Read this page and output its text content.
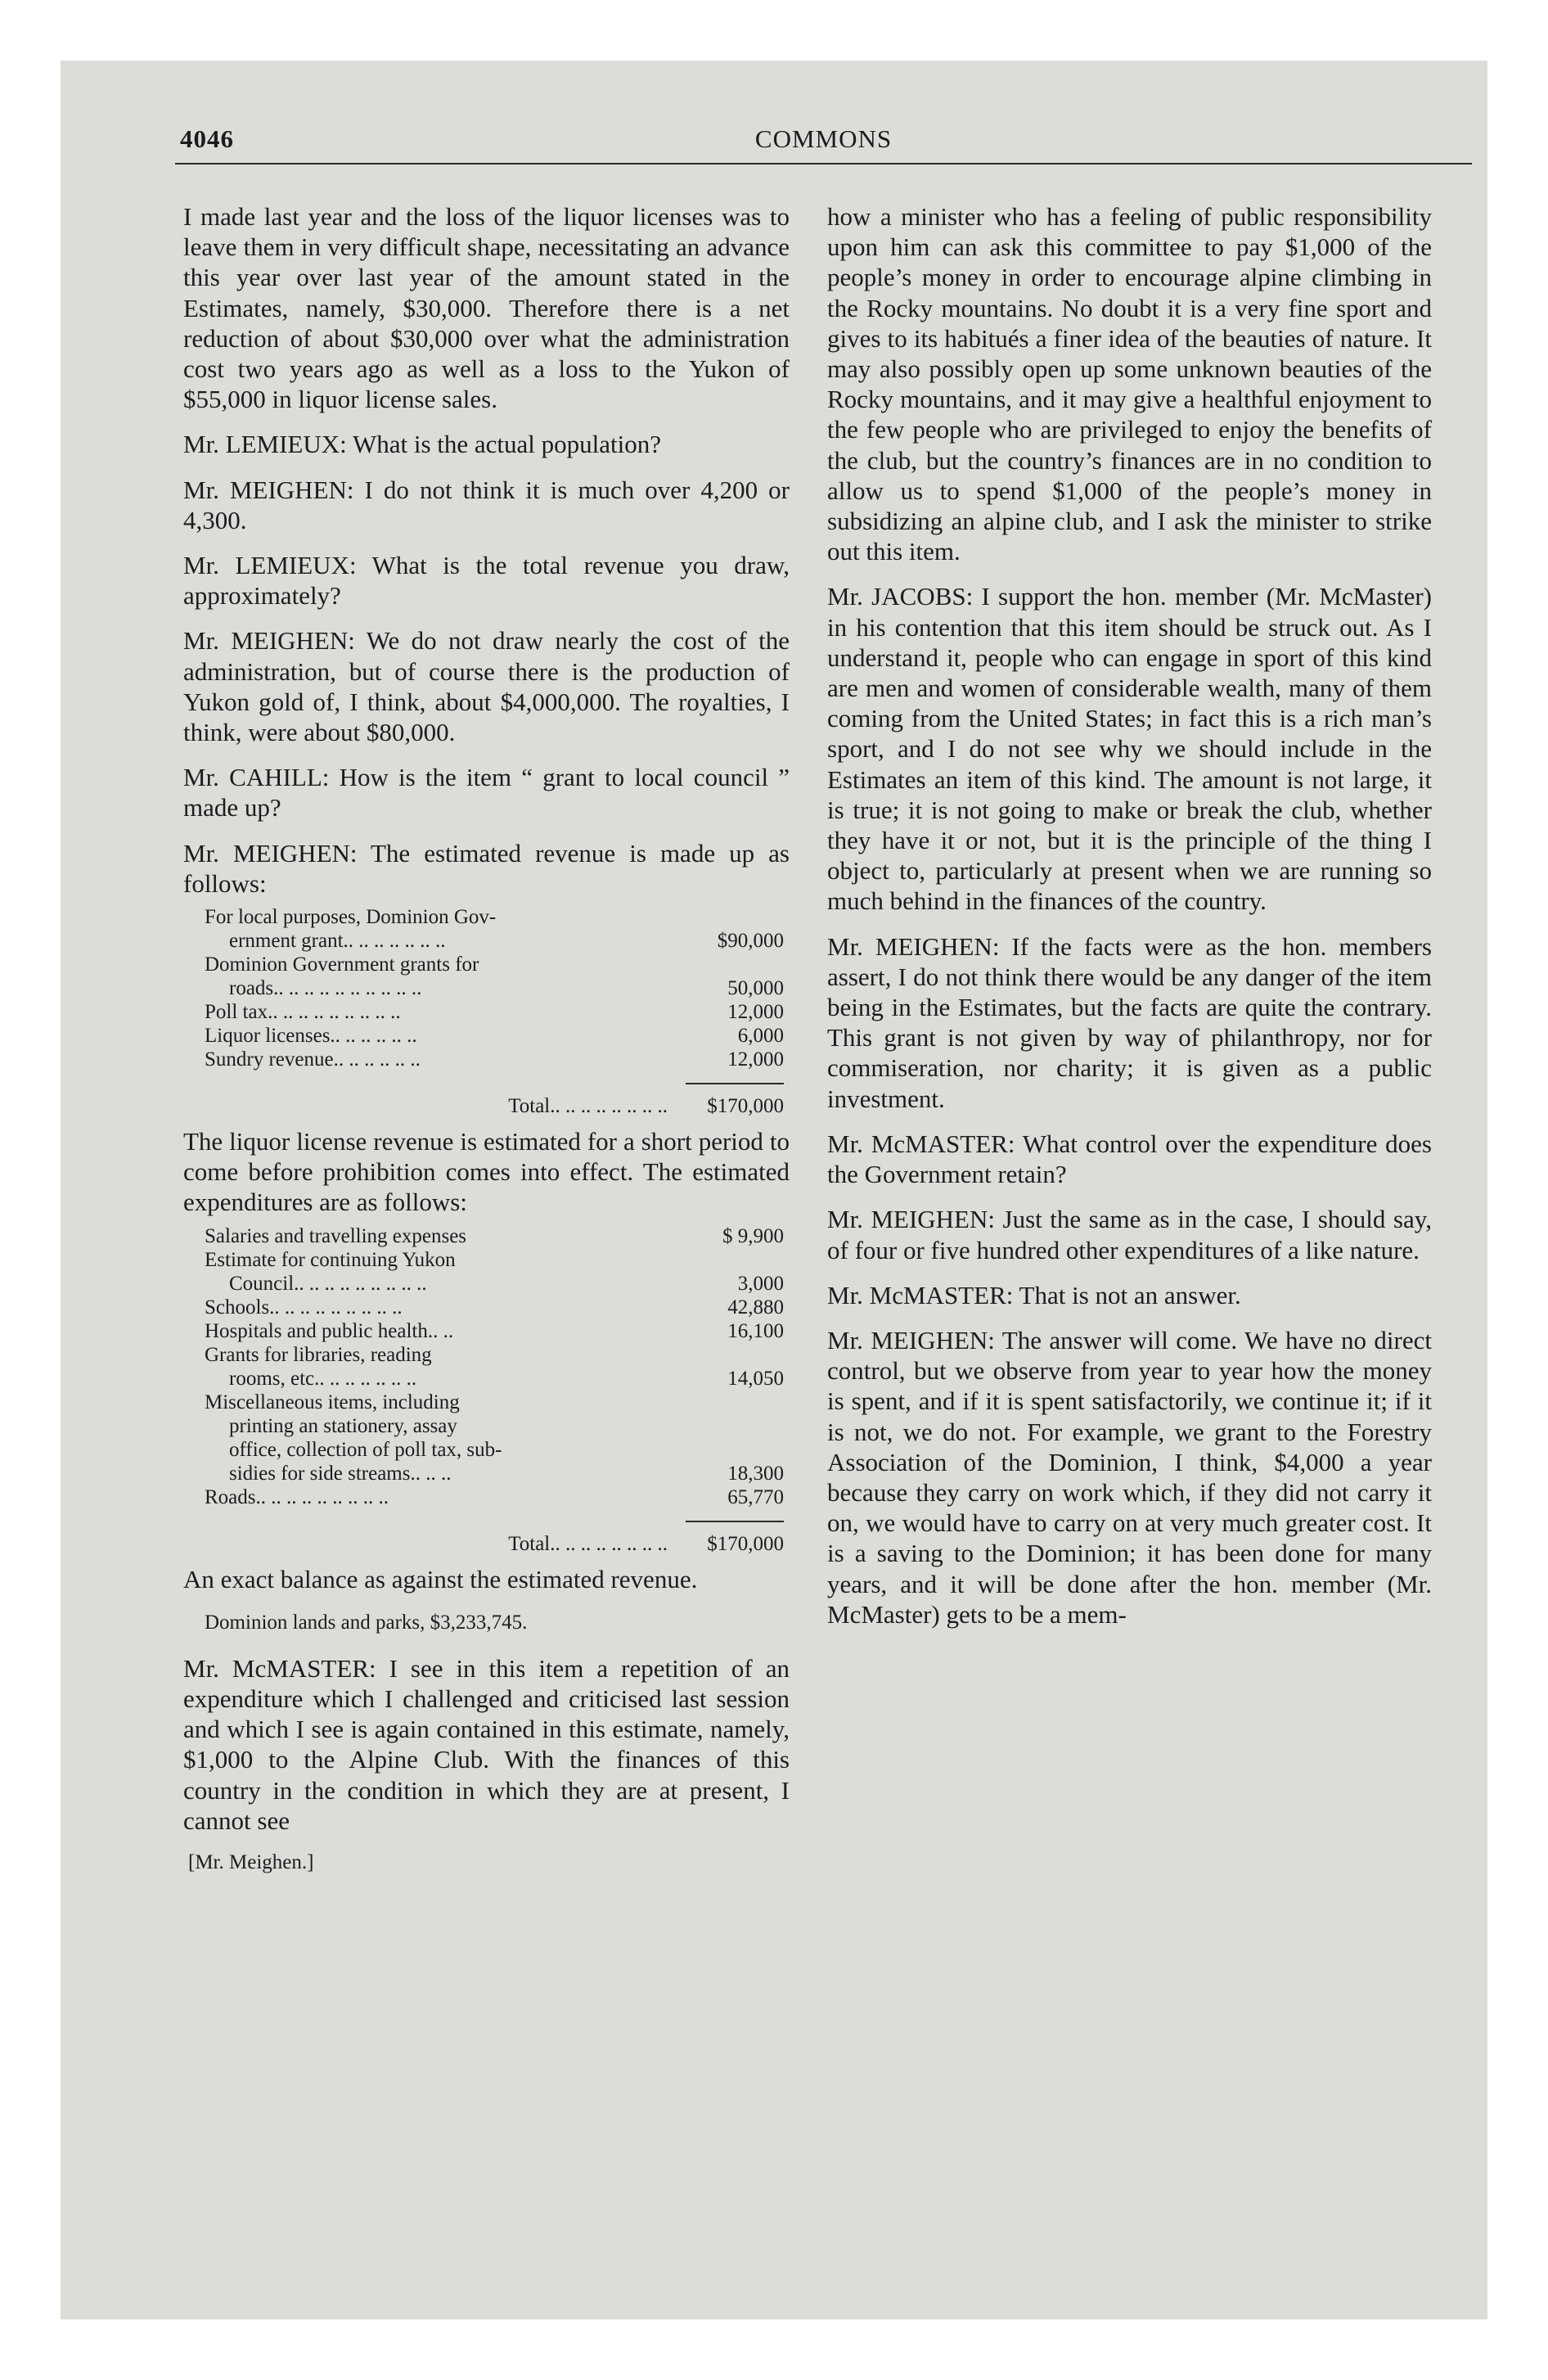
4046	COMMONS

I made last year and the loss of the liquor licenses was to leave them in very difficult shape, necessitating an advance this year over last year of the amount stated in the Estimates, namely, $30,000. Therefore there is a net reduction of about $30,000 over what the administration cost two years ago as well as a loss to the Yukon of $55,000 in liquor license sales.

Mr. LEMIEUX: What is the actual population?

Mr. MEIGHEN: I do not think it is much over 4,200 or 4,300.

Mr. LEMIEUX: What is the total revenue you draw, approximately?

Mr. MEIGHEN: We do not draw nearly the cost of the administration, but of course there is the production of Yukon gold of, I think, about $4,000,000. The royalties, I think, were about $80,000.

Mr. CAHILL: How is the item “ grant to local council ” made up?

Mr. MEIGHEN: The estimated revenue is made up as follows:

For local purposes, Dominion Gov-
ernment grant.. .. .. .. .. .. ..	$90,000
Dominion Government grants for
roads.. .. .. .. .. .. .. .. .. ..	50,000
Poll tax.. .. .. .. .. .. .. .. ..	12,000
Liquor licenses.. .. .. .. .. ..	6,000
Sundry revenue.. .. .. .. .. ..	12,000
Total.. .. .. .. .. .. .. ..	$170,000

The liquor license revenue is estimated for a short period to come before prohibition comes into effect. The estimated expenditures are as follows:

Salaries and travelling expenses	$ 9,900
Estimate for continuing Yukon
Council.. .. .. .. .. .. .. .. ..	3,000
Schools.. .. .. .. .. .. .. .. ..	42,880
Hospitals and public health.. ..	16,100
Grants for libraries, reading
rooms, etc.. .. .. .. .. .. ..	14,050
Miscellaneous items, including
printing an stationery, assay
office, collection of poll tax, sub-
sidies for side streams.. .. ..	18,300
Roads.. .. .. .. .. .. .. .. ..	65,770
Total.. .. .. .. .. .. .. ..	$170,000

An exact balance as against the estimated revenue.

Dominion lands and parks, $3,233,745.

Mr. McMASTER: I see in this item a repetition of an expenditure which I challenged and criticised last session and which I see is again contained in this estimate, namely, $1,000 to the Alpine Club. With the finances of this country in the condition in which they are at present, I cannot see

[Mr. Meighen.]

how a minister who has a feeling of public responsibility upon him can ask this committee to pay $1,000 of the people’s money in order to encourage alpine climbing in the Rocky mountains. No doubt it is a very fine sport and gives to its habitués a finer idea of the beauties of nature. It may also possibly open up some unknown beauties of the Rocky mountains, and it may give a healthful enjoyment to the few people who are privileged to enjoy the benefits of the club, but the country’s finances are in no condition to allow us to spend $1,000 of the people’s money in subsidizing an alpine club, and I ask the minister to strike out this item.

Mr. JACOBS: I support the hon. member (Mr. McMaster) in his contention that this item should be struck out. As I understand it, people who can engage in sport of this kind are men and women of considerable wealth, many of them coming from the United States; in fact this is a rich man’s sport, and I do not see why we should include in the Estimates an item of this kind. The amount is not large, it is true; it is not going to make or break the club, whether they have it or not, but it is the principle of the thing I object to, particularly at present when we are running so much behind in the finances of the country.

Mr. MEIGHEN: If the facts were as the hon. members assert, I do not think there would be any danger of the item being in the Estimates, but the facts are quite the contrary. This grant is not given by way of philanthropy, nor for commiseration, nor charity; it is given as a public investment.

Mr. McMASTER: What control over the expenditure does the Government retain?

Mr. MEIGHEN: Just the same as in the case, I should say, of four or five hundred other expenditures of a like nature.

Mr. McMASTER: That is not an answer.

Mr. MEIGHEN: The answer will come. We have no direct control, but we observe from year to year how the money is spent, and if it is spent satisfactorily, we continue it; if it is not, we do not. For example, we grant to the Forestry Association of the Dominion, I think, $4,000 a year because they carry on work which, if they did not carry it on, we would have to carry on at very much greater cost. It is a saving to the Dominion; it has been done for many years, and it will be done after the hon. member (Mr. McMaster) gets to be a mem-
